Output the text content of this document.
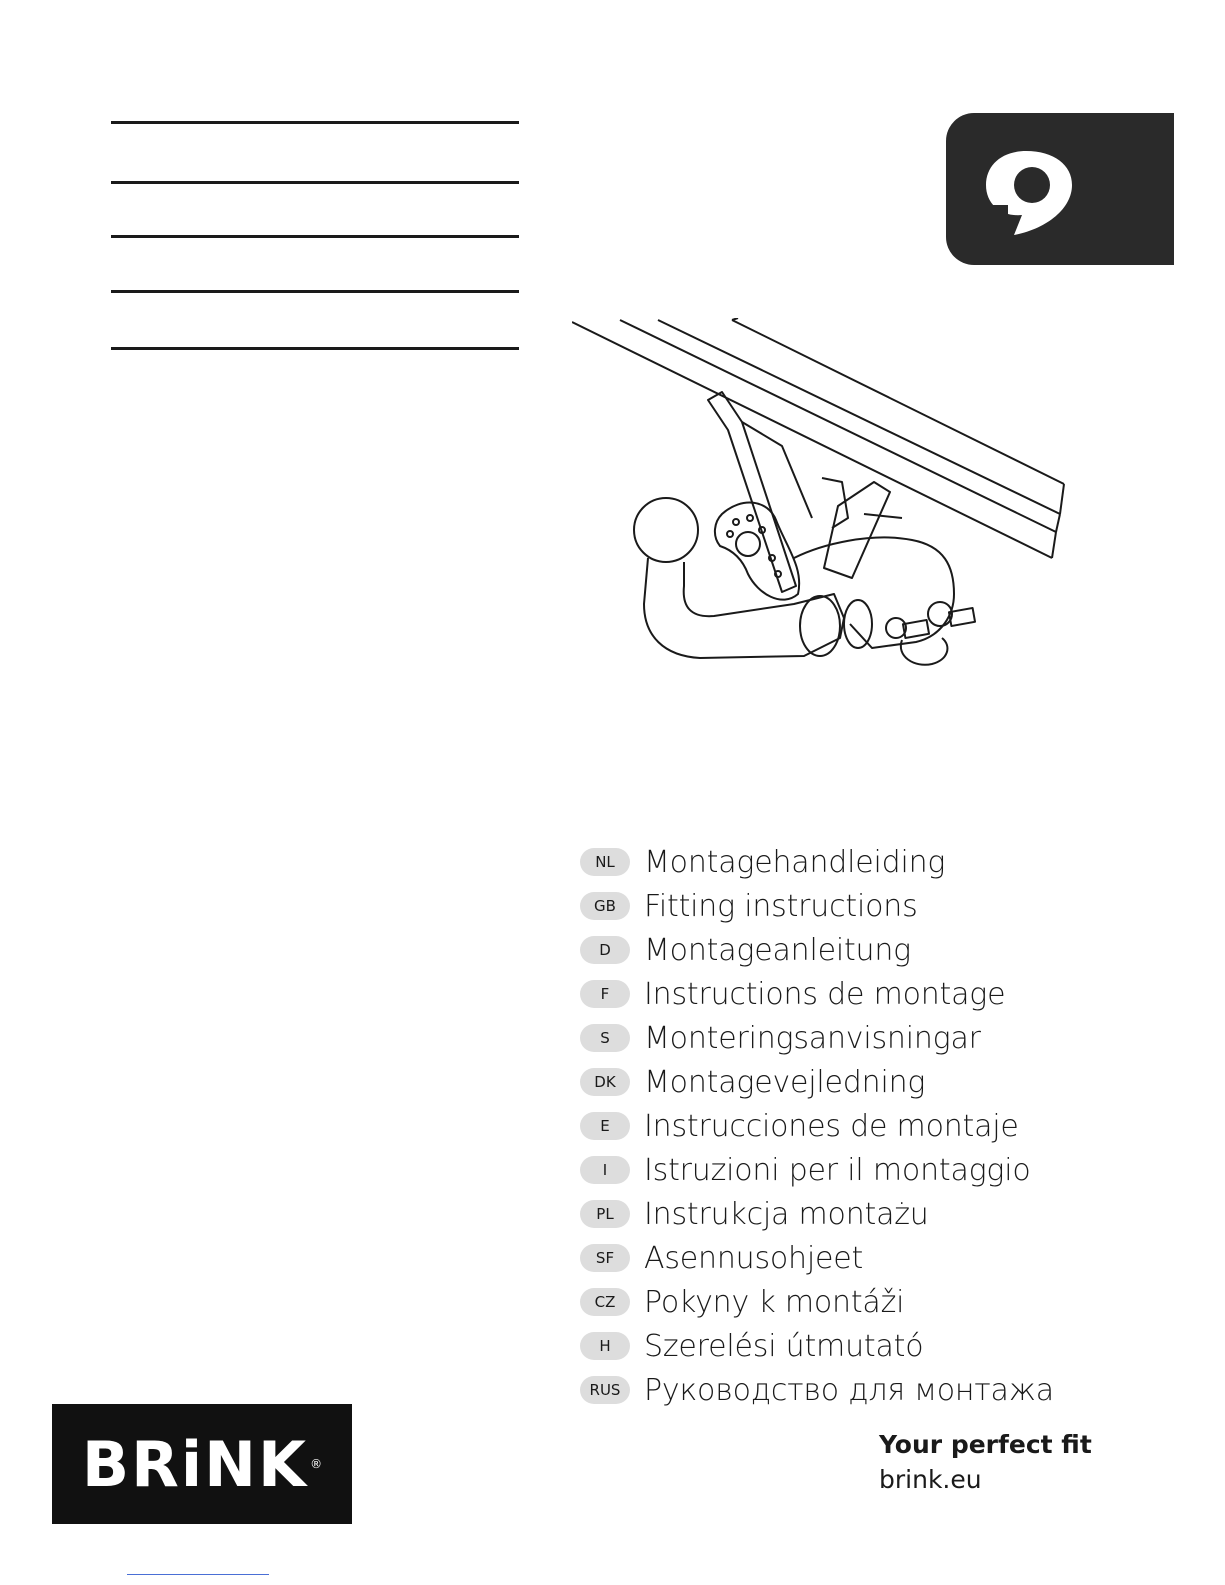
NL Montagehandleiding
GB Fitting instructions
D	Montageanleitung
F	Instructions de montage
S	Monteringsanvisningar
DK Montagevejledning
E	Instrucciones de montaje
I	Istruzioni per il montaggio
PL	Instrukcja montażu
SF Asennusohjeet
CZ Pokyny k montáži
H	Szerelési útmutató
RUS Руководство для монтажа
BRiNK ®
Your perfect fit
brink.eu
